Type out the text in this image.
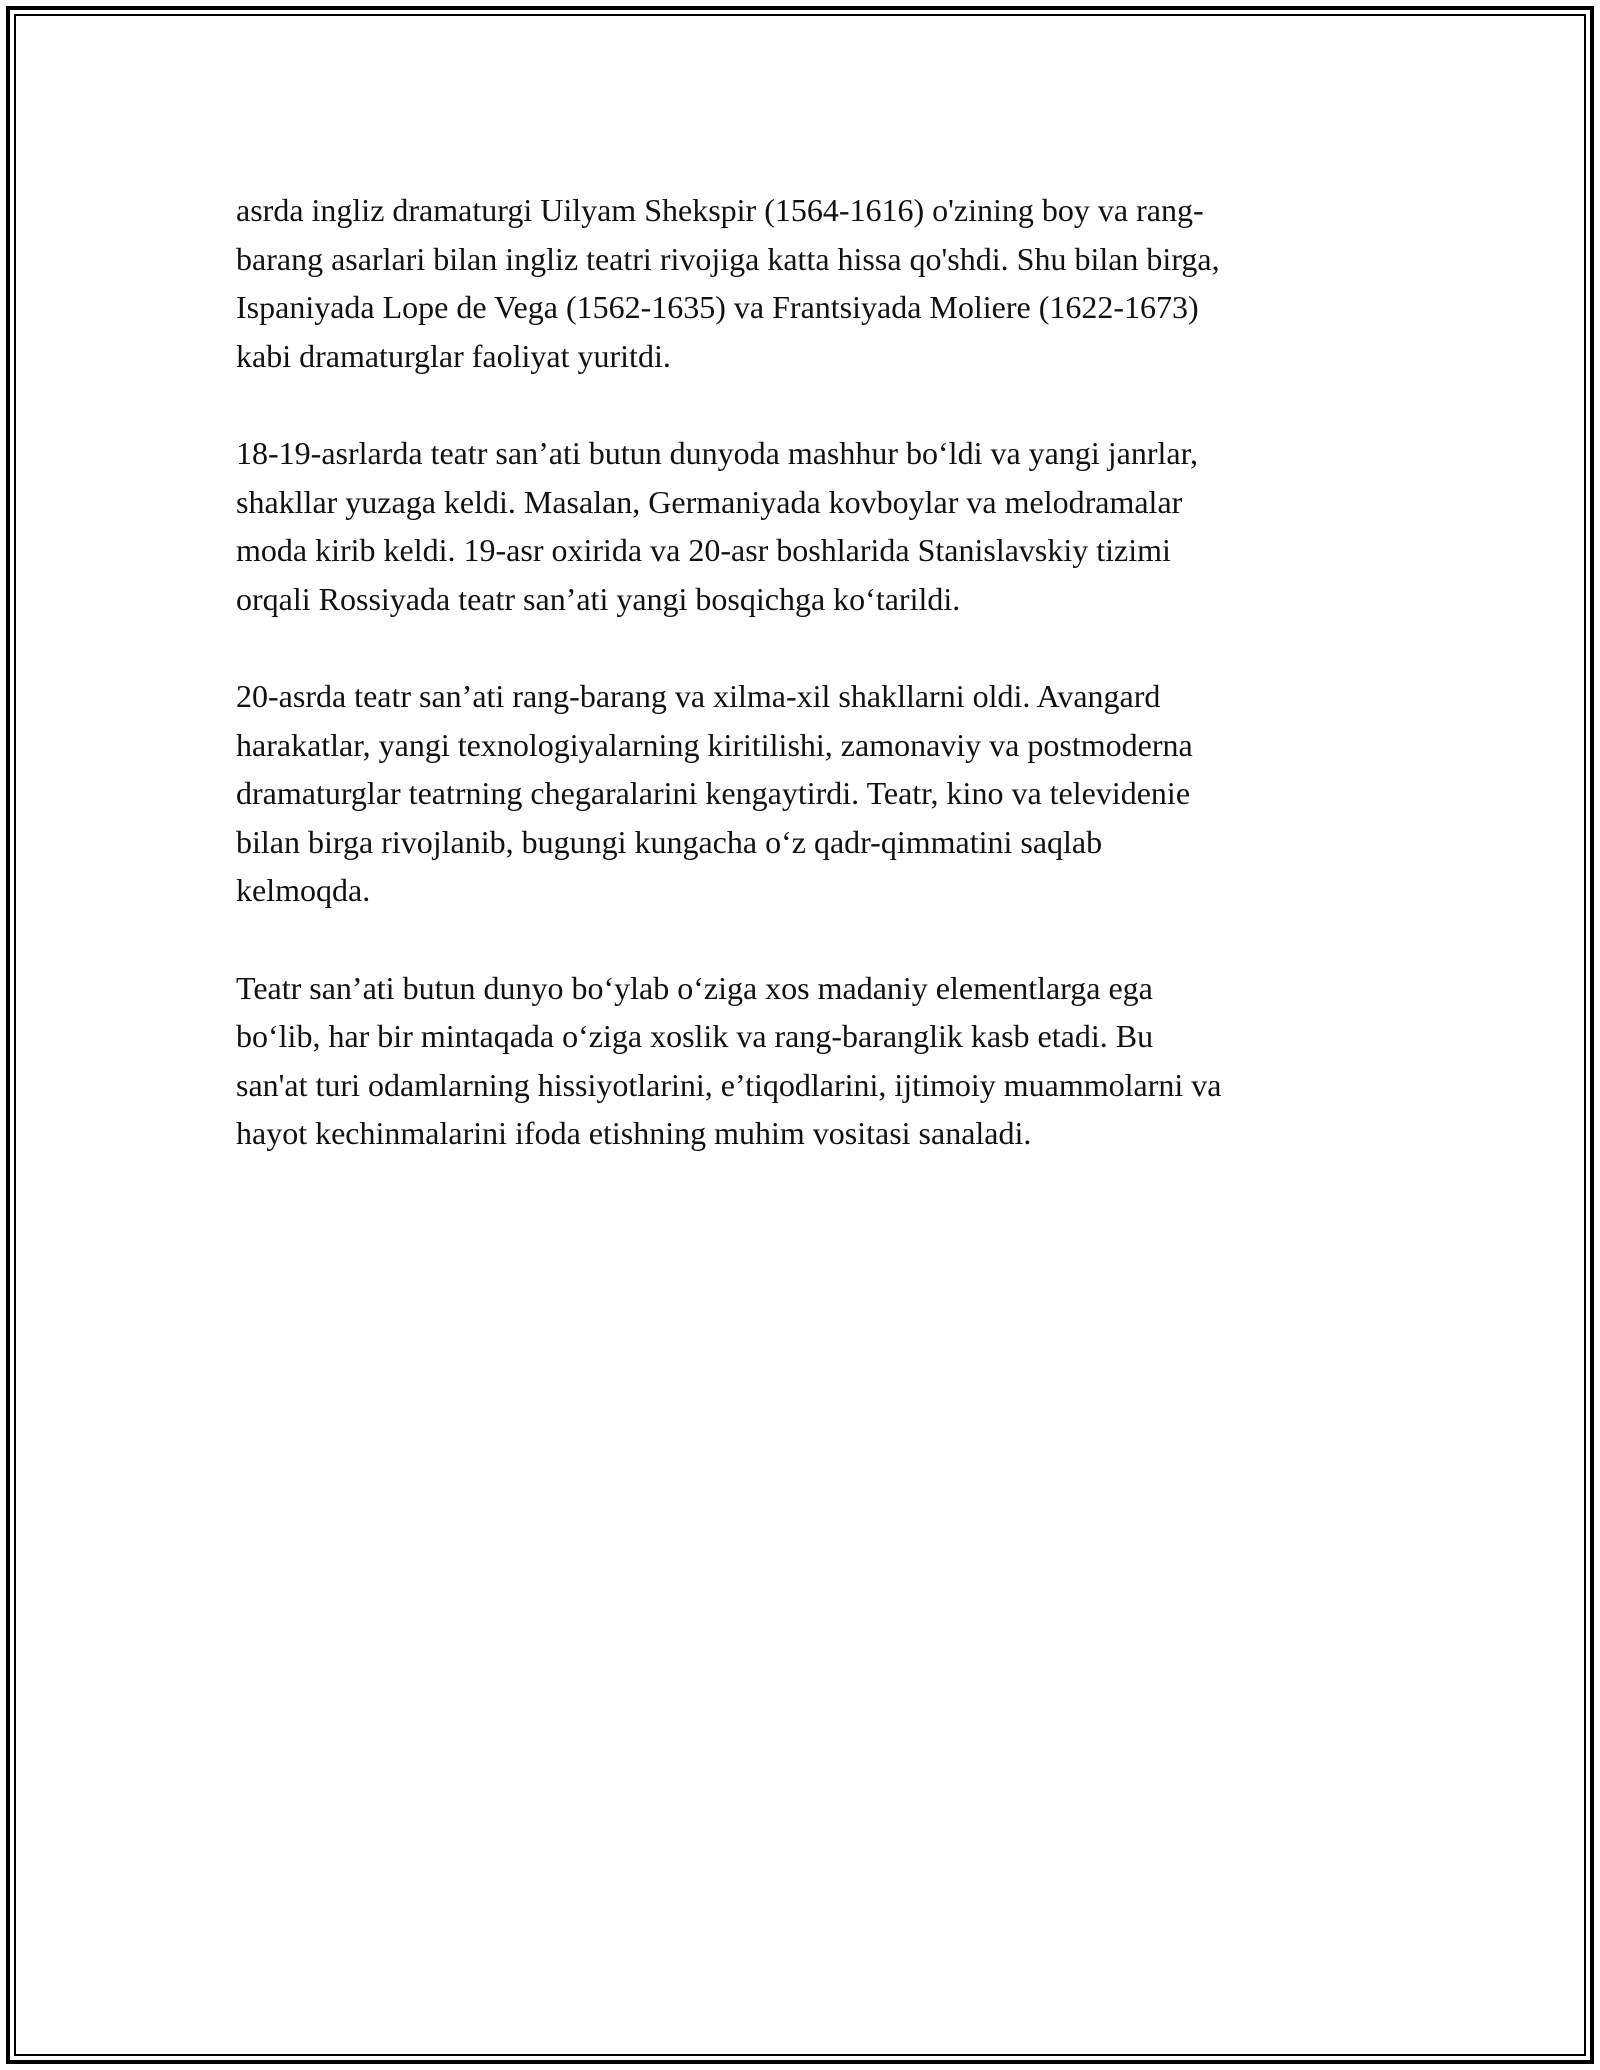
asrda ingliz dramaturgi Uilyam Shekspir (1564-1616) o'zining boy va rang-
barang asarlari bilan ingliz teatri rivojiga katta hissa qo'shdi. Shu bilan birga,
Ispaniyada Lope de Vega (1562-1635) va Frantsiyada Moliere (1622-1673)
kabi dramaturglar faoliyat yuritdi.

18-19-asrlarda teatr san’ati butun dunyoda mashhur bo‘ldi va yangi janrlar,
shakllar yuzaga keldi. Masalan, Germaniyada kovboylar va melodramalar
moda kirib keldi. 19-asr oxirida va 20-asr boshlarida Stanislavskiy tizimi
orqali Rossiyada teatr san’ati yangi bosqichga ko‘tarildi.

20-asrda teatr san’ati rang-barang va xilma-xil shakllarni oldi. Avangard
harakatlar, yangi texnologiyalarning kiritilishi, zamonaviy va postmoderna
dramaturglar teatrning chegaralarini kengaytirdi. Teatr, kino va televidenie
bilan birga rivojlanib, bugungi kungacha o‘z qadr-qimmatini saqlab
kelmoqda.

Teatr san’ati butun dunyo bo‘ylab o‘ziga xos madaniy elementlarga ega
bo‘lib, har bir mintaqada o‘ziga xoslik va rang-baranglik kasb etadi. Bu
san'at turi odamlarning hissiyotlarini, e’tiqodlarini, ijtimoiy muammolarni va
hayot kechinmalarini ifoda etishning muhim vositasi sanaladi.
